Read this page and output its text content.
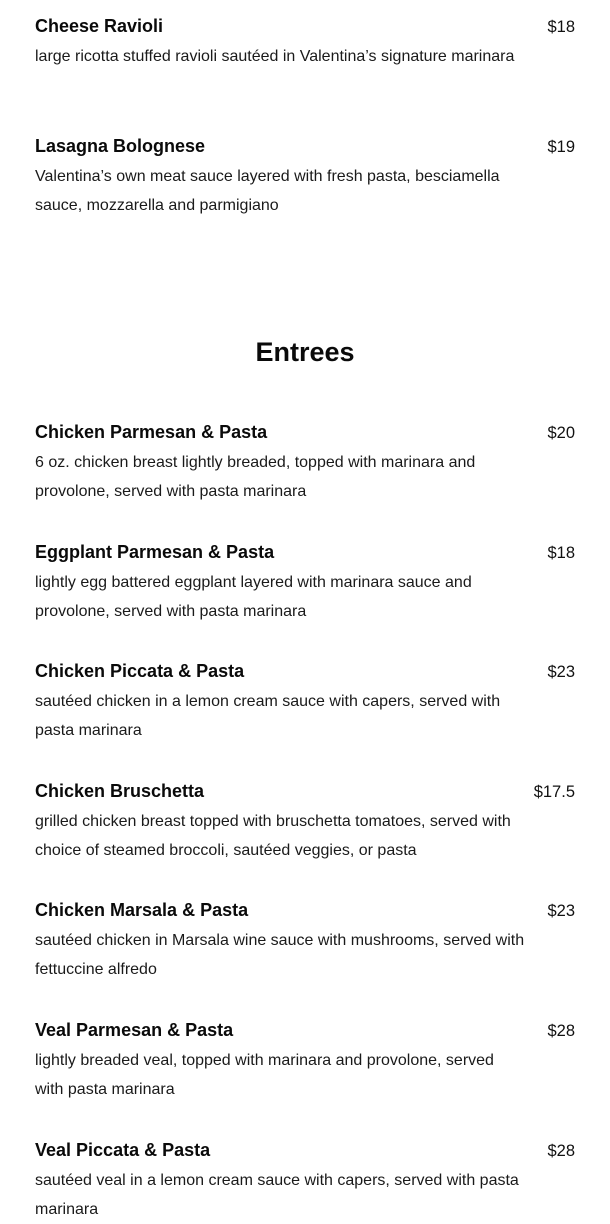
Cheese Ravioli	$18
large ricotta stuffed ravioli sautéed in Valentina’s signature marinara
Lasagna Bolognese	$19
Valentina’s own meat sauce layered with fresh pasta, besciamella sauce, mozzarella and parmigiano
Entrees
Chicken Parmesan & Pasta	$20
6 oz. chicken breast lightly breaded, topped with marinara and provolone, served with pasta marinara
Eggplant Parmesan & Pasta	$18
lightly egg battered eggplant layered with marinara sauce and provolone, served with pasta marinara
Chicken Piccata & Pasta	$23
sautéed chicken in a lemon cream sauce with capers, served with pasta marinara
Chicken Bruschetta	$17.5
grilled chicken breast topped with bruschetta tomatoes, served with choice of steamed broccoli, sautéed veggies, or pasta
Chicken Marsala & Pasta	$23
sautéed chicken in Marsala wine sauce with mushrooms, served with fettuccine alfredo
Veal Parmesan & Pasta	$28
lightly breaded veal, topped with marinara and provolone, served with pasta marinara
Veal Piccata & Pasta	$28
sautéed veal in a lemon cream sauce with capers, served with pasta marinara
